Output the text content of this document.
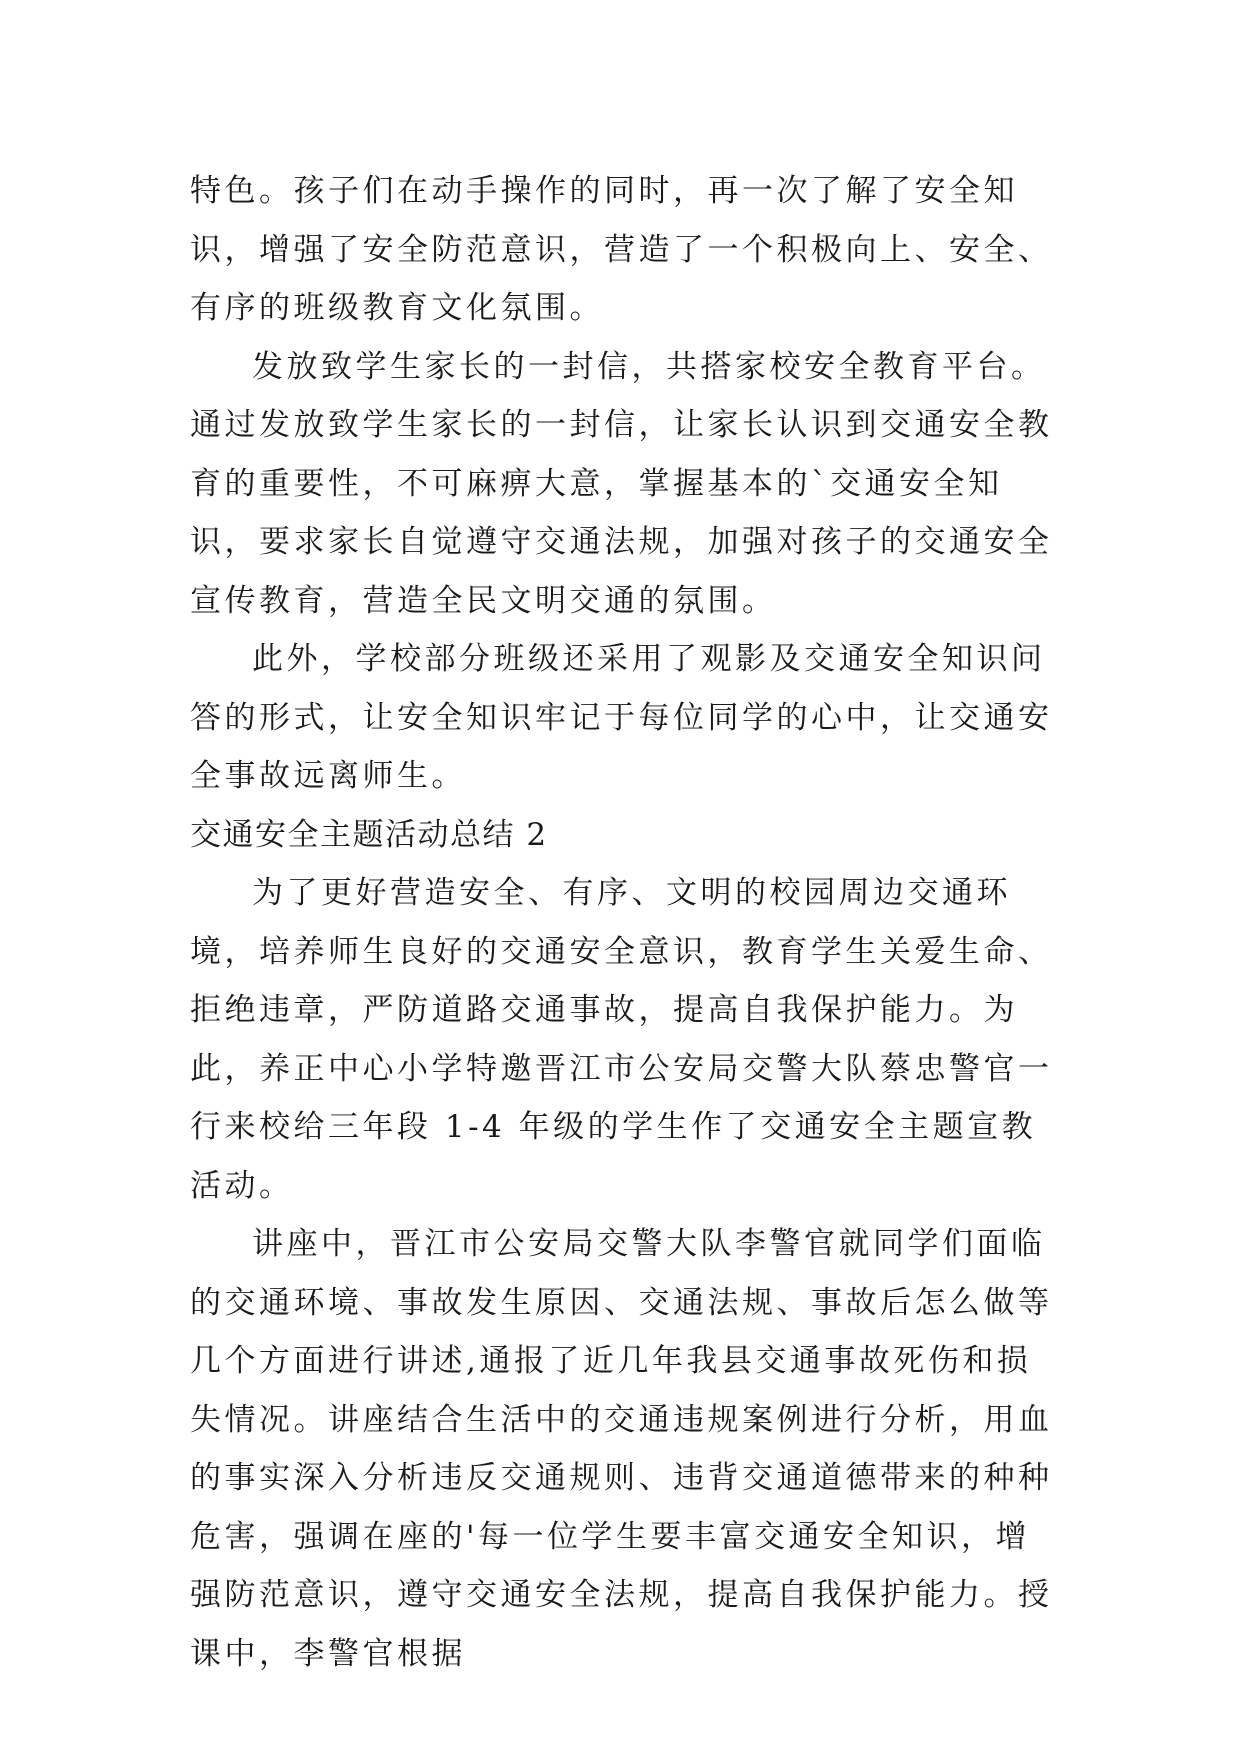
特色。孩子们在动手操作的同时，再一次了解了安全知识，增强了安全防范意识，营造了一个积极向上、安全、有序的班级教育文化氛围。

发放致学生家长的一封信，共搭家校安全教育平台。通过发放致学生家长的一封信，让家长认识到交通安全教育的重要性，不可麻痹大意，掌握基本的`交通安全知识，要求家长自觉遵守交通法规，加强对孩子的交通安全宣传教育，营造全民文明交通的氛围。

此外，学校部分班级还采用了观影及交通安全知识问答的形式，让安全知识牢记于每位同学的心中，让交通安全事故远离师生。

交通安全主题活动总结 2

为了更好营造安全、有序、文明的校园周边交通环境，培养师生良好的交通安全意识，教育学生关爱生命、拒绝违章，严防道路交通事故，提高自我保护能力。为此，养正中心小学特邀晋江市公安局交警大队蔡忠警官一行来校给三年段 1-4 年级的学生作了交通安全主题宣教活动。

讲座中，晋江市公安局交警大队李警官就同学们面临的交通环境、事故发生原因、交通法规、事故后怎么做等几个方面进行讲述,通报了近几年我县交通事故死伤和损失情况。讲座结合生活中的交通违规案例进行分析，用血的事实深入分析违反交通规则、违背交通道德带来的种种危害，强调在座的'每一位学生要丰富交通安全知识，增强防范意识，遵守交通安全法规，提高自我保护能力。授课中，李警官根据
